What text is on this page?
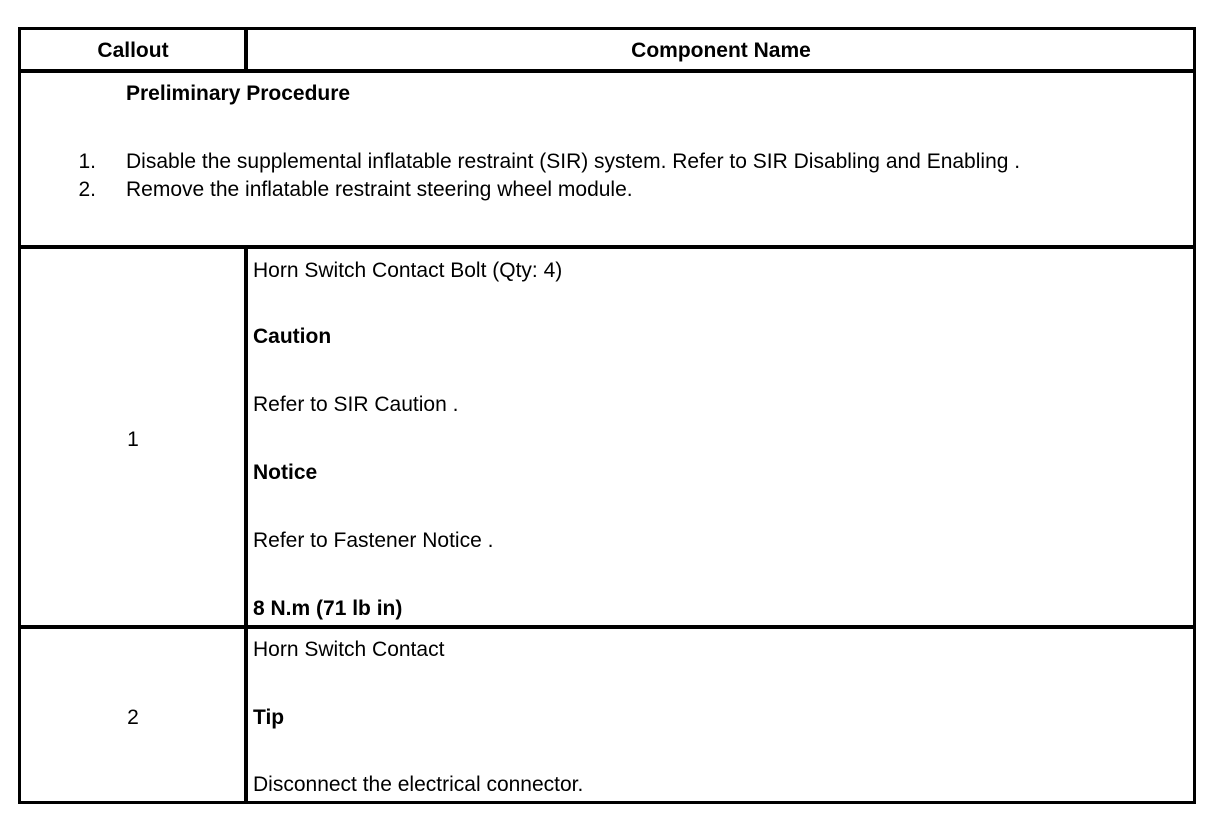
Callout	Component Name
Preliminary Procedure
1. Disable the supplemental inflatable restraint (SIR) system. Refer to SIR Disabling and Enabling .
2. Remove the inflatable restraint steering wheel module.
1
Horn Switch Contact Bolt (Qty: 4)
Caution
Refer to SIR Caution .
Notice
Refer to Fastener Notice .
8 N.m (71 lb in)
2
Horn Switch Contact
Tip
Disconnect the electrical connector.
